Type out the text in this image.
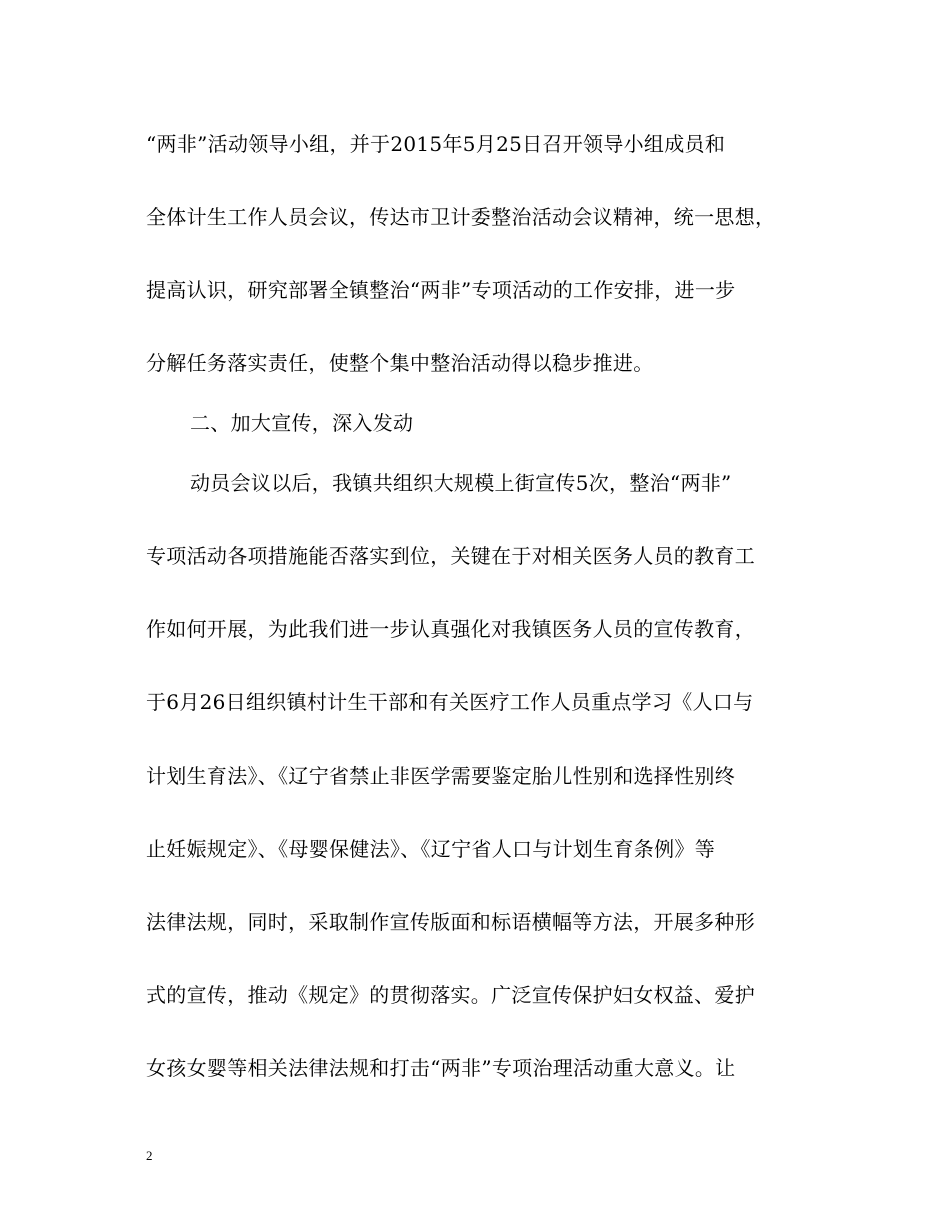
“两非”活动领导小组，并于2015年5月25日召开领导小组成员和
全体计生工作人员会议，传达市卫计委整治活动会议精神，统一思想，
提高认识，研究部署全镇整治“两非”专项活动的工作安排，进一步
分解任务落实责任，使整个集中整治活动得以稳步推进。
二、加大宣传，深入发动
动员会议以后，我镇共组织大规模上街宣传5次，整治“两非”
专项活动各项措施能否落实到位，关键在于对相关医务人员的教育工
作如何开展，为此我们进一步认真强化对我镇医务人员的宣传教育，
于6月26日组织镇村计生干部和有关医疗工作人员重点学习《人口与
计划生育法》、《辽宁省禁止非医学需要鉴定胎儿性别和选择性别终
止妊娠规定》、《母婴保健法》、《辽宁省人口与计划生育条例》等
法律法规，同时，采取制作宣传版面和标语横幅等方法，开展多种形
式的宣传，推动《规定》的贯彻落实。广泛宣传保护妇女权益、爱护
女孩女婴等相关法律法规和打击“两非”专项治理活动重大意义。让
2
